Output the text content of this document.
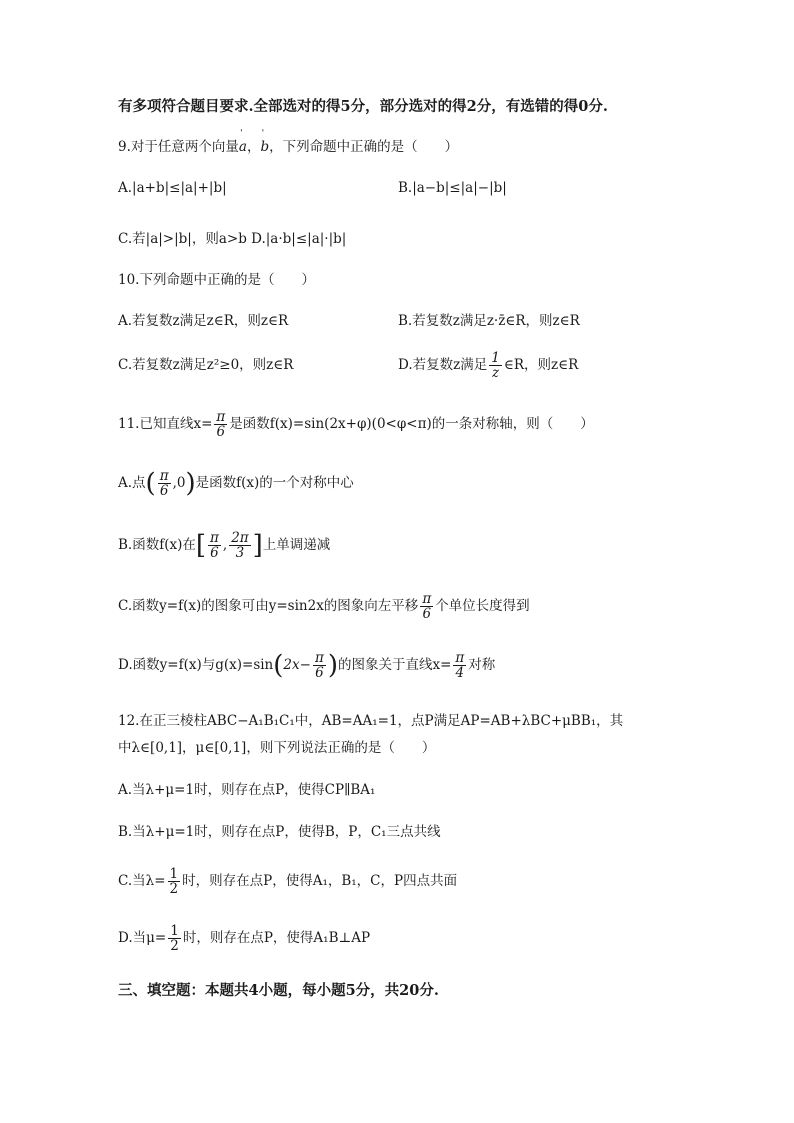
有多项符合题目要求.全部选对的得5分，部分选对的得2分，有选错的得0分.
9.对于任意两个向量ˈ a，ˈ b，下列命题中正确的是（　　）
A.|a+b|≤|a|+|b|	B.|a−b|≤|a|−|b|
C.若|a|>|b|，则a>b D.|a·b|≤|a|·|b|
10.下列命题中正确的是（　　）
A.若复数z满足z∈R，则z∈R	B.若复数z满足z·z̄∈R，则z∈R
C.若复数z满足z²≥0，则z∈R	D.若复数z满足 $\frac{1}{z}$ ∈R，则z∈R
11.已知直线$x= \frac{\pi}{6}$ 是函数f(x)=sin(2x+φ)(0<φ<π)的一条对称轴，则（　　）
A.点( $\frac{\pi}{6} ,0$)是函数f(x)的一个对称中心
B.函数f(x)在[ $\frac{\pi}{6}$ , $\frac{2\pi}{3}$ ]上单调递减
C.函数y=f(x)的图象可由y=sin2x的图象向左平移 $\frac{\pi}{6}$ 个单位长度得到
D.函数y=f(x)与$g(x)=\sin(2x- \frac{\pi}{6}$ )的图象关于直线$x= \frac{\pi}{4}$ 对称
12.在正三棱柱ABC−A₁B₁C₁中，AB=AA₁=1，点P满足AP=AB+λBC+μBB₁，其
中λ∈[0,1]，μ∈[0,1]，则下列说法正确的是（　　）
A.当λ+μ=1时，则存在点P，使得CP∥BA₁
B.当λ+μ=1时，则存在点P，使得B，P，C₁三点共线
C.当$\lambda= \frac{1}{2}$ 时，则存在点P，使得A₁，B₁，C，P四点共面
D.当$\mu= \frac{1}{2}$ 时，则存在点P，使得A₁B⊥AP
三、填空题：本题共4小题，每小题5分，共20分.
